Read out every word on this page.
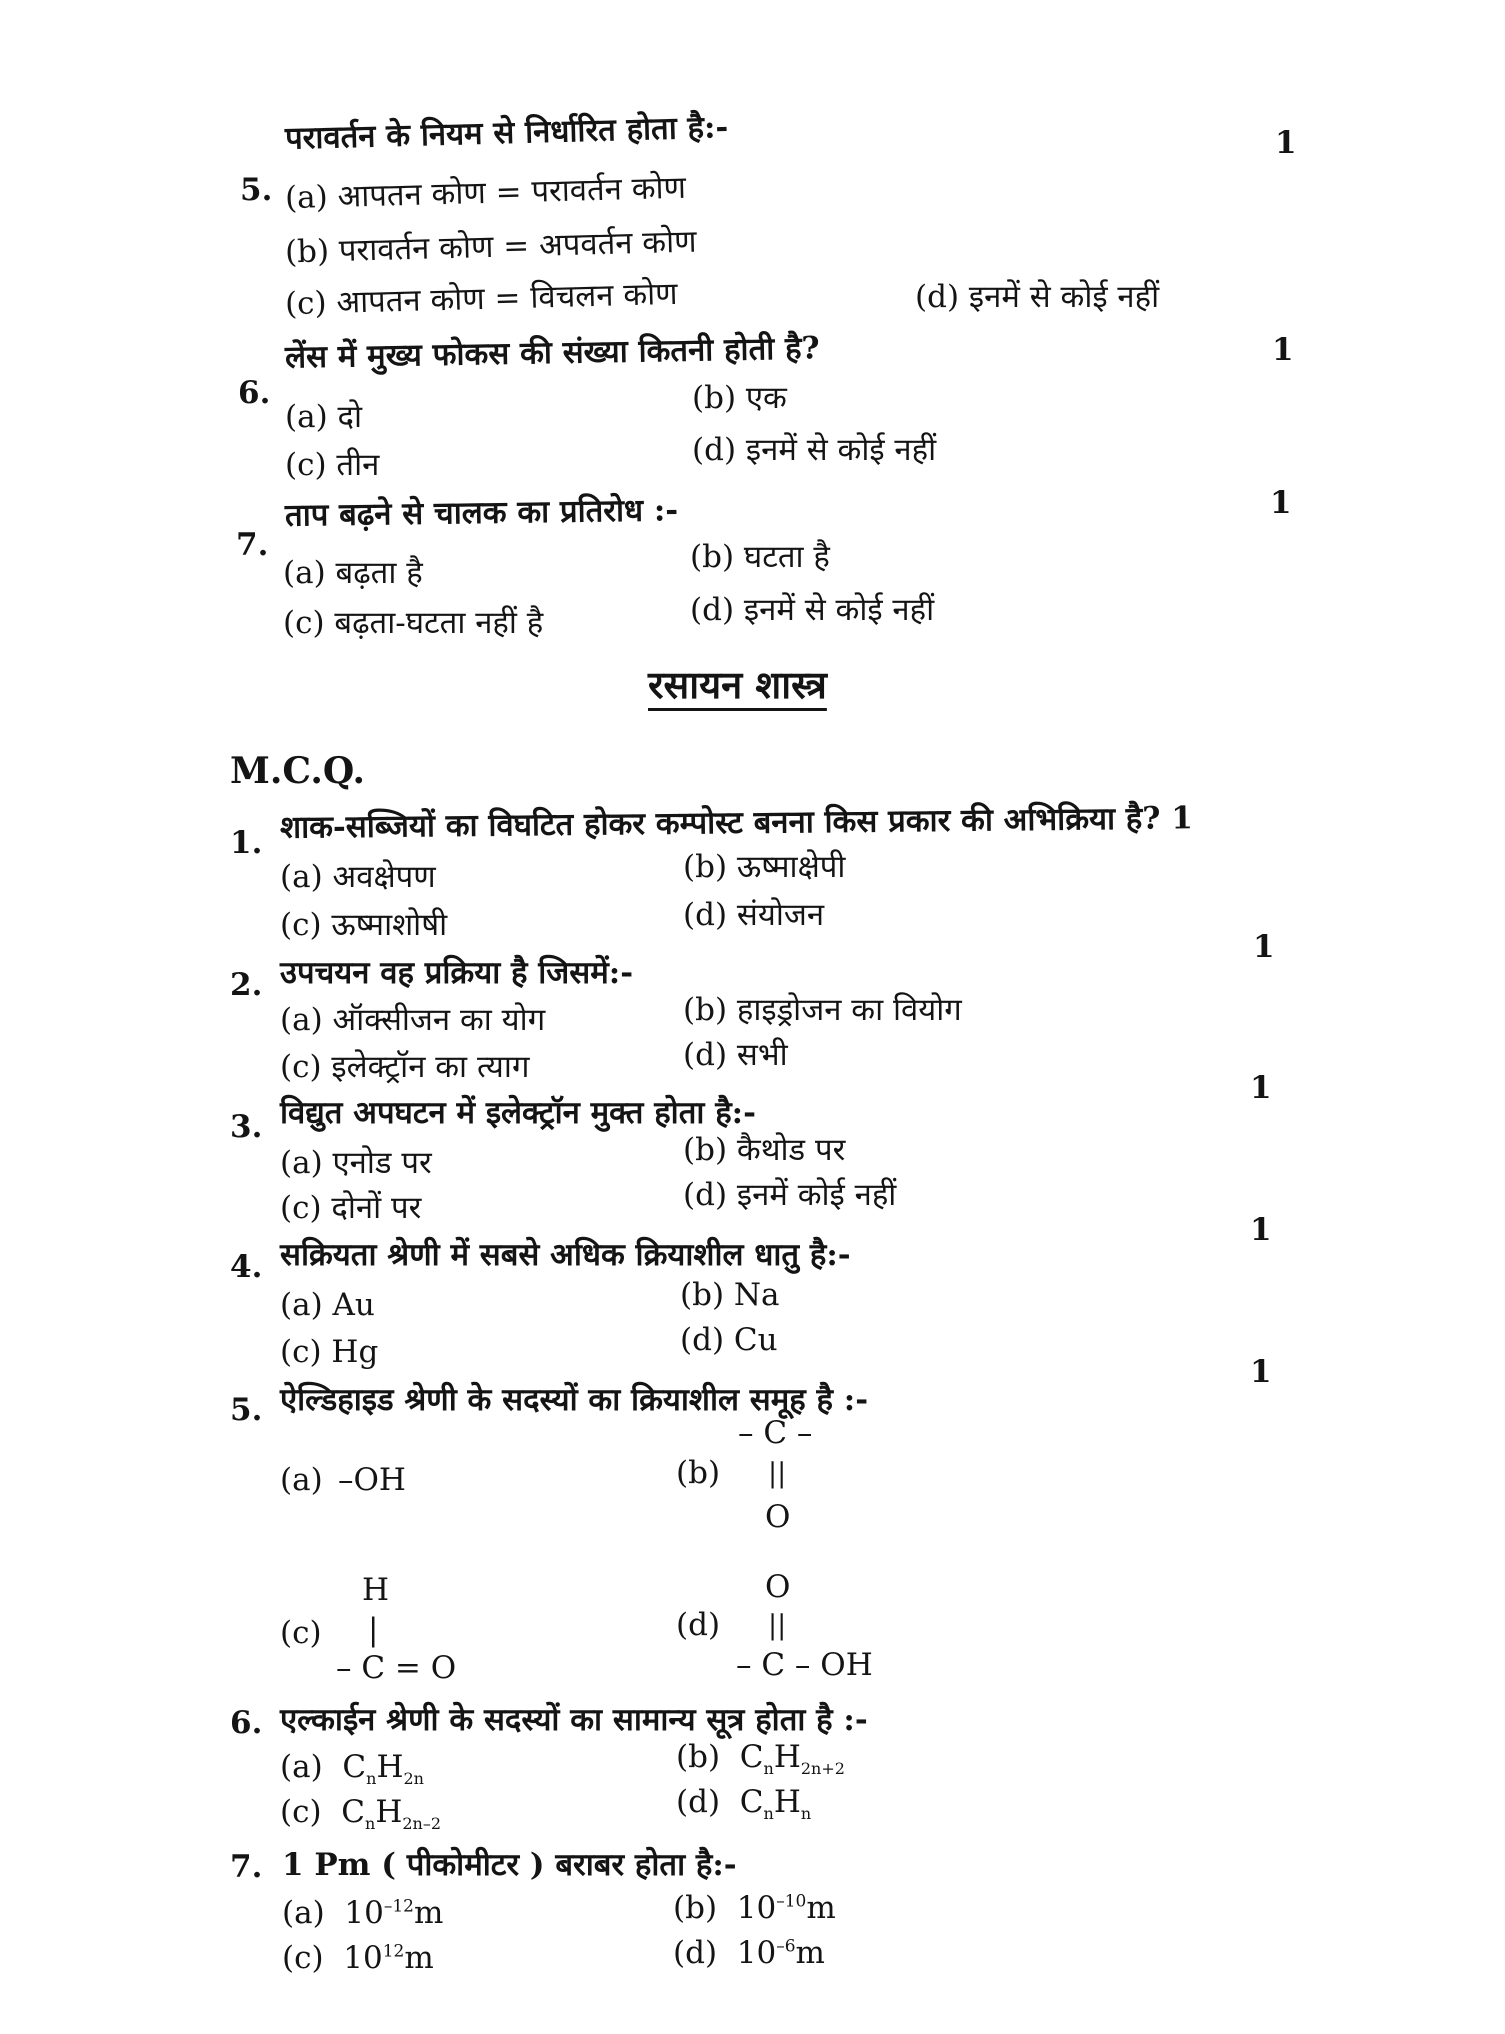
5.
परावर्तन के नियम से निर्धारित होता है:-	1
(a) आपतन कोण = परावर्तन कोण
(b) परावर्तन कोण = अपवर्तन कोण
(c) आपतन कोण = विचलन कोण	(d) इनमें से कोई नहीं
6.
लेंस में मुख्य फोकस की संख्या कितनी होती है?	1
(a) दो
(b) एक
(c) तीन	(d) इनमें से कोई नहीं
7.
ताप बढ़ने से चालक का प्रतिरोध :-	1
(a) बढ़ता है	(b) घटता है
(c) बढ़ता-घटता नहीं है	(d) इनमें से कोई नहीं
रसायन शास्त्र
M.C.Q.
1. शाक-सब्जियों का विघटित होकर कम्पोस्ट बनना किस प्रकार की अभिक्रिया है? 1
(a) अवक्षेपण	(b) ऊष्माक्षेपी
(c) ऊष्माशोषी	(d) संयोजन
2. उपचयन वह प्रक्रिया है जिसमें:-
1
(a) ऑक्सीजन का योग	(b) हाइड्रोजन का वियोग
(c) इलेक्ट्रॉन का त्याग	(d) सभी
3. विद्युत अपघटन में इलेक्ट्रॉन मुक्त होता है:-
1
(a) एनोड पर	(b) कैथोड पर
(c) दोनों पर	(d) इनमें कोई नहीं
4. सक्रियता श्रेणी में सबसे अधिक क्रियाशील धातु है:-
1
(a) Au	(b) Na
(c) Hg	(d) Cu
5. ऐल्डिहाइड श्रेणी के सदस्यों का क्रियाशील समूह है :-
1
(a) –OH	(b)
– C –
||
O
(c)
H
|
– C = O
(d)
O
||
– C – OH
6. एल्काईन श्रेणी के सदस्यों का सामान्य सूत्र होता है :-
(a) $C_nH_{2n}$
(b) $C_nH_{2n+2}$
(c) $C_nH_{2n-2}$
(d) $C_nH_n$
7. 1 Pm ( पीकोमीटर ) बराबर होता है:-
(a) $10^{-12}m$	(b) $10^{-10}m$
(c) $10^{12}m$	(d) $10^{-6}m$
